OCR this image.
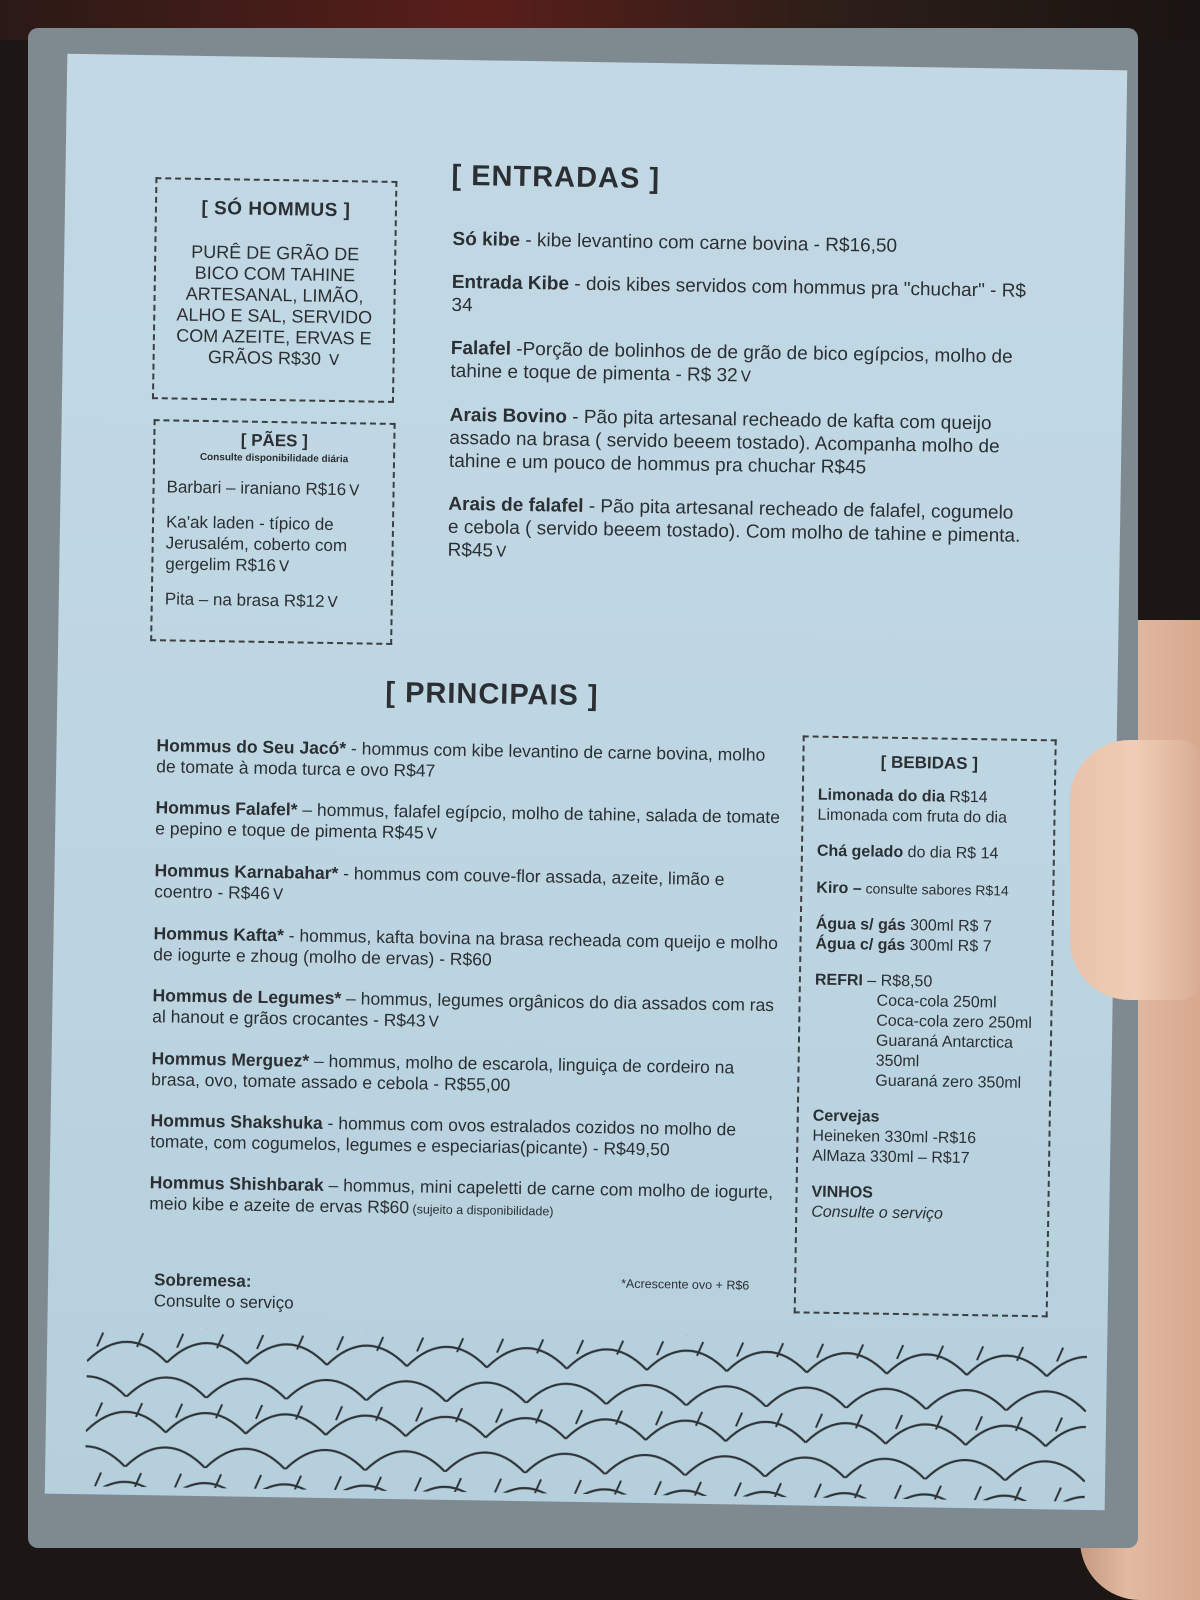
[ SÓ HOMMUS ]
PURÊ DE GRÃO DE BICO COM TAHINE ARTESANAL, LIMÃO, ALHO E SAL, SERVIDO COM AZEITE, ERVAS E GRÃOS R$30 ᐯ
[ PÃES ]
Consulte disponibilidade diária
Barbari – iraniano R$16 ᐯ
Ka'ak laden - típico de Jerusalém, coberto com gergelim R$16 ᐯ
Pita – na brasa R$12 ᐯ
[ ENTRADAS ]
Só kibe - kibe levantino com carne bovina - R$16,50
Entrada Kibe - dois kibes servidos com hommus pra "chuchar" - R$ 34
Falafel -Porção de bolinhos de de grão de bico egípcios, molho de tahine e toque de pimenta - R$ 32 ᐯ
Arais Bovino - Pão pita artesanal recheado de kafta com queijo assado na brasa ( servido beeem tostado). Acompanha molho de tahine e um pouco de hommus pra chuchar R$45
Arais de falafel - Pão pita artesanal recheado de falafel, cogumelo e cebola ( servido beeem tostado). Com molho de tahine e pimenta. R$45 ᐯ
[ PRINCIPAIS ]
Hommus do Seu Jacó* - hommus com kibe levantino de carne bovina, molho de tomate à moda turca e ovo R$47
Hommus Falafel* – hommus, falafel egípcio, molho de tahine, salada de tomate e pepino e toque de pimenta R$45 ᐯ
Hommus Karnabahar* - hommus com couve-flor assada, azeite, limão e coentro - R$46 ᐯ
Hommus Kafta* - hommus, kafta bovina na brasa recheada com queijo e molho de iogurte e zhoug (molho de ervas) - R$60
Hommus de Legumes* – hommus, legumes orgânicos do dia assados com ras al hanout e grãos crocantes - R$43 ᐯ
Hommus Merguez* – hommus, molho de escarola, linguiça de cordeiro na brasa, ovo, tomate assado e cebola - R$55,00
Hommus Shakshuka - hommus com ovos estralados cozidos no molho de tomate, com cogumelos, legumes e especiarias(picante) - R$49,50
Hommus Shishbarak – hommus, mini capeletti de carne com molho de iogurte, meio kibe e azeite de ervas R$60 (sujeito a disponibilidade)
*Acrescente ovo + R$6
Sobremesa:
Consulte o serviço
[ BEBIDAS ]
Limonada do dia R$14
Limonada com fruta do dia
Chá gelado do dia R$ 14
Kiro – consulte sabores R$14
Água s/ gás 300ml R$ 7
Água c/ gás 300ml R$ 7
REFRI – R$8,50
Coca-cola 250ml
Coca-cola zero 250ml
Guaraná Antarctica 350ml
Guaraná zero 350ml
Cervejas
Heineken 330ml -R$16
AlMaza 330ml – R$17
VINHOS
Consulte o serviço
